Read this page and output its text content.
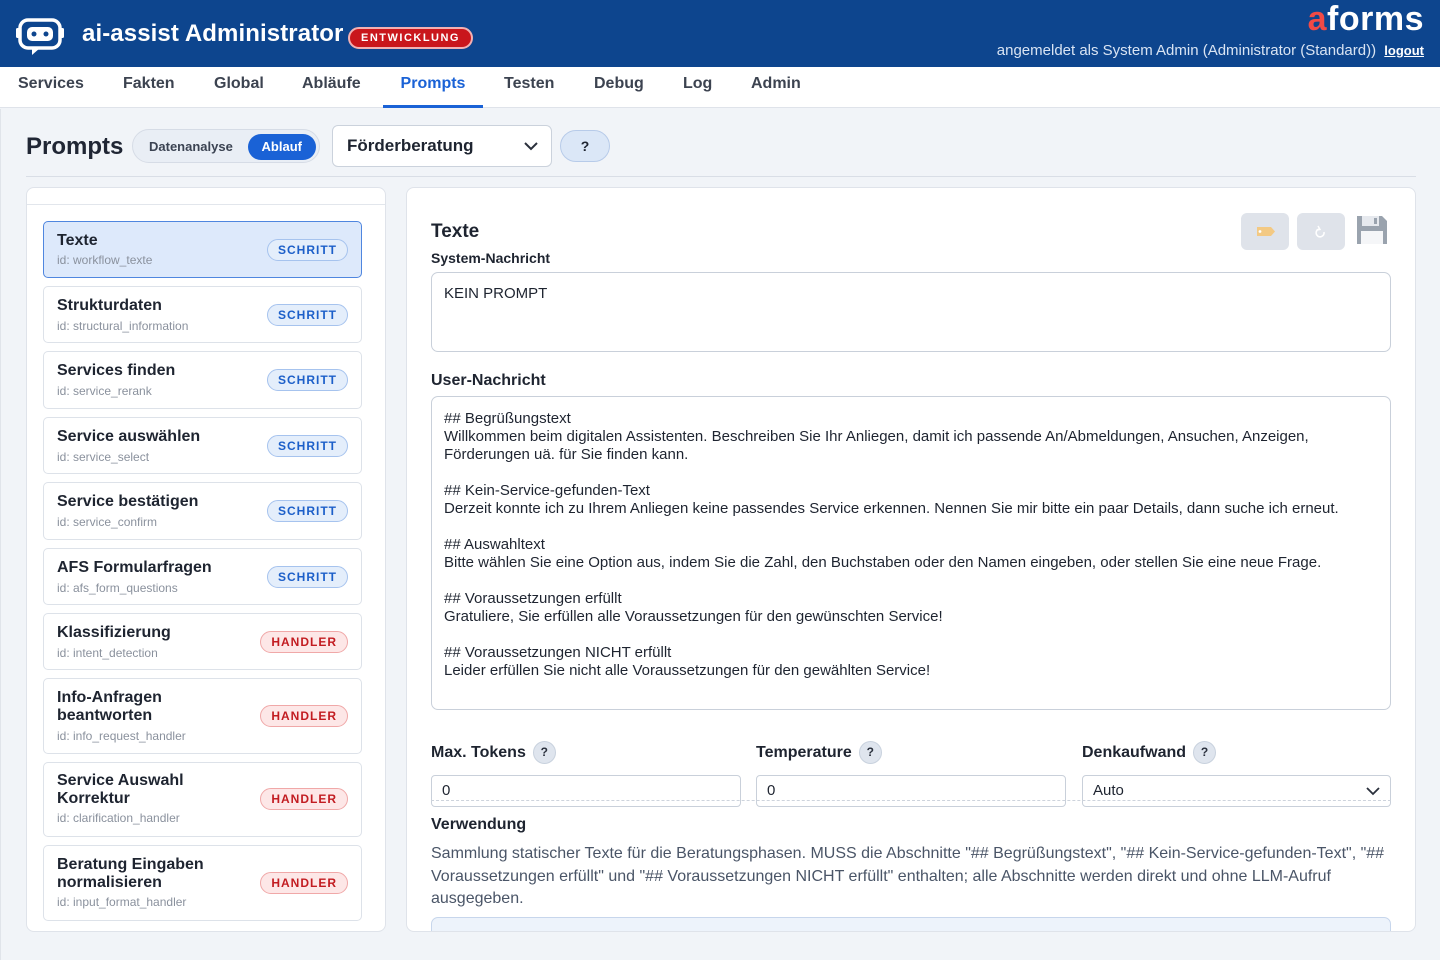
ai-assist Administrator	ENTWICKLUNG	aforms
angemeldet als System Admin (Administrator (Standard)) logout
Services Fakten Global Abläufe	Prompts	Testen Debug Log Admin
Prompts	Datenanalyse	Ablauf	Förderberatung	?
Texte
id: workflow_texte
SCHRITT
Strukturdaten
id: structural_information
SCHRITT
Services finden
id: service_rerank
SCHRITT
Service auswählen
id: service_select
SCHRITT
Service bestätigen
id: service_confirm
SCHRITT
AFS Formularfragen
id: afs_form_questions
SCHRITT
Klassifizierung
id: intent_detection
HANDLER
Info-Anfragen beantworten
id: info_request_handler
HANDLER
Service Auswahl Korrektur
id: clarification_handler
HANDLER
Beratung Eingaben normalisieren
id: input_format_handler
HANDLER
Texte
System-Nachricht
KEIN PROMPT
User-Nachricht
## Begrüßungstext
Willkommen beim digitalen Assistenten. Beschreiben Sie Ihr Anliegen, damit ich passende An/Abmeldungen, Ansuchen, Anzeigen,
Förderungen uä. für Sie finden kann.

## Kein-Service-gefunden-Text
Derzeit konnte ich zu Ihrem Anliegen keine passendes Service erkennen. Nennen Sie mir bitte ein paar Details, dann suche ich erneut.

## Auswahltext
Bitte wählen Sie eine Option aus, indem Sie die Zahl, den Buchstaben oder den Namen eingeben, oder stellen Sie eine neue Frage.

## Voraussetzungen erfüllt
Gratuliere, Sie erfüllen alle Voraussetzungen für den gewünschten Service!

## Voraussetzungen NICHT erfüllt
Leider erfüllen Sie nicht alle Voraussetzungen für den gewählten Service!
Max. Tokens ?
0
Temperature ?
0
Denkaufwand ?
Auto
Verwendung
Sammlung statischer Texte für die Beratungsphasen. MUSS die Abschnitte "## Begrüßungstext", "## Kein-Service-gefunden-Text", "## Voraussetzungen erfüllt" und "## Voraussetzungen NICHT erfüllt" enthalten; alle Abschnitte werden direkt und ohne LLM-Aufruf ausgegeben.
